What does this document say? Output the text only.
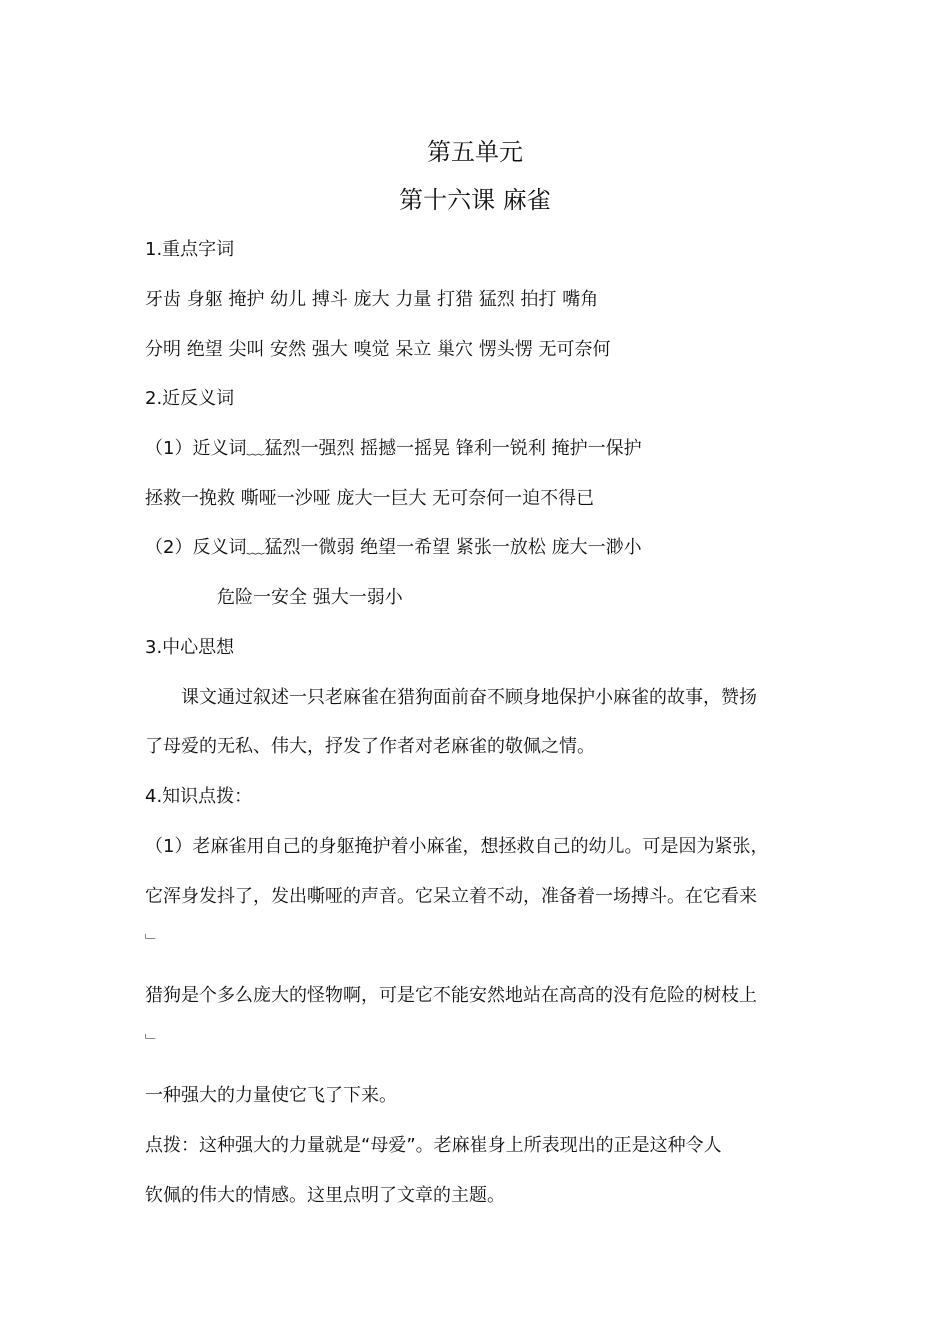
第五单元
第十六课 麻雀
1.重点字词
牙齿 身躯 掩护 幼儿 搏斗 庞大 力量 打猎 猛烈 拍打 嘴角
分明 绝望 尖叫 安然 强大 嗅觉 呆立 巢穴 愣头愣 无可奈何
2.近反义词
（1）近义词﹏猛烈一强烈 摇撼一摇晃 锋利一锐利 掩护一保护
拯救一挽救 嘶哑一沙哑 庞大一巨大 无可奈何一迫不得已
（2）反义词﹏猛烈一微弱 绝望一希望 紧张一放松 庞大一渺小
危险一安全 强大一弱小
3.中心思想
课文通过叙述一只老麻雀在猎狗面前奋不顾身地保护小麻雀的故事，赞扬
了母爱的无私、伟大，抒发了作者对老麻雀的敬佩之情。
4.知识点拨：
（1）老麻雀用自己的身躯掩护着小麻雀，想拯救自己的幼儿。可是因为紧张，
它浑身发抖了，发出嘶哑的声音。它呆立着不动，准备着一场搏斗。在它看来
﹂
猎狗是个多么庞大的怪物啊，可是它不能安然地站在高高的没有危险的树枝上
﹂
一种强大的力量使它飞了下来。
点拨：这种强大的力量就是“母爱”。老麻崔身上所表现出的正是这种令人
钦佩的伟大的情感。这里点明了文章的主题。
